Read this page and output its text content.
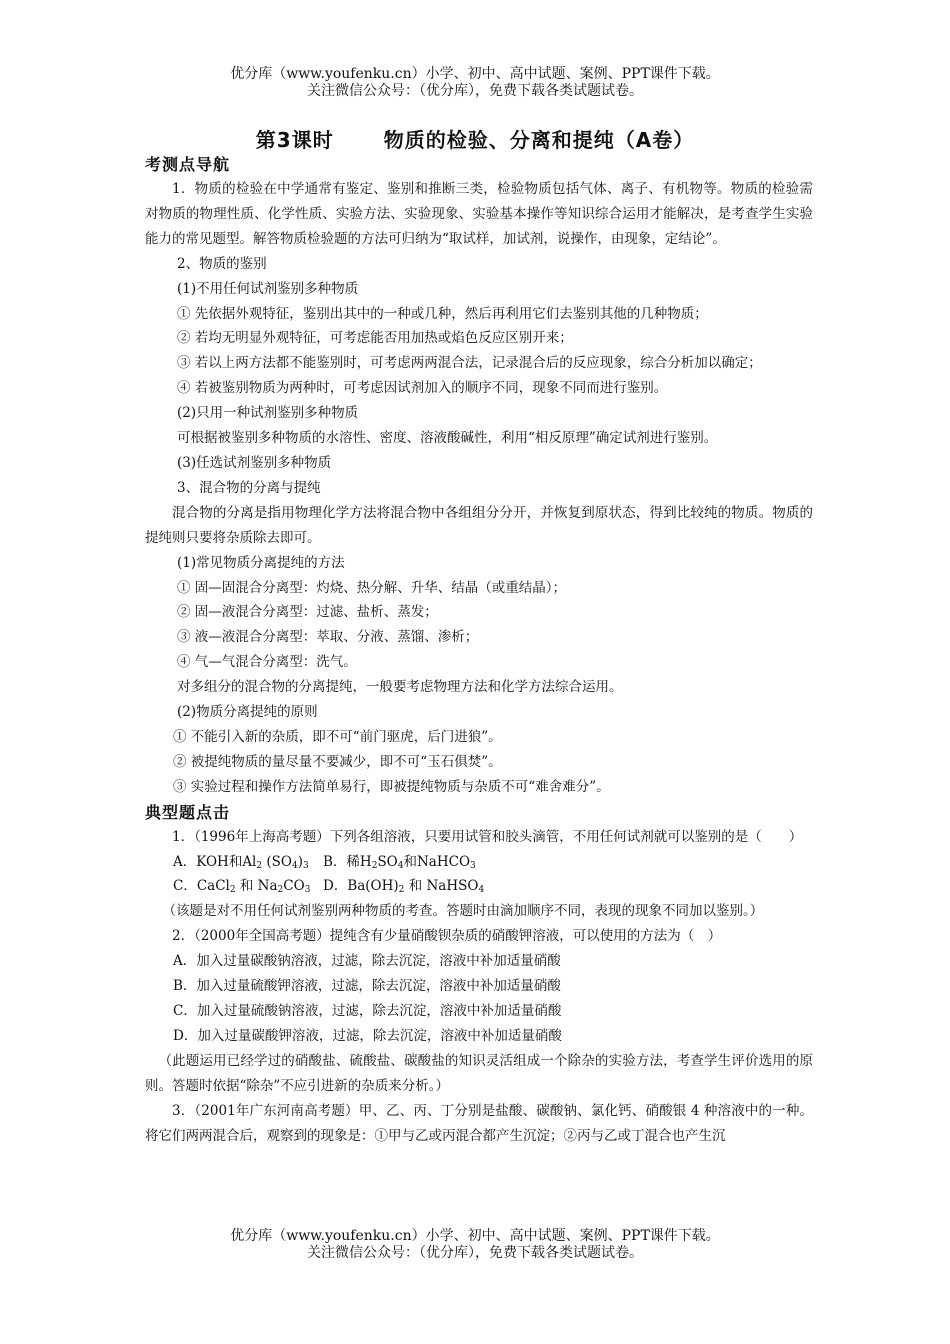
优分库（www.youfenku.cn）小学、初中、高中试题、案例、PPT课件下载。
关注微信公众号：（优分库），免费下载各类试题试卷。
第3课时	物质的检验、分离和提纯（A卷）
考测点导航
1．物质的检验在中学通常有鉴定、鉴别和推断三类，检验物质包括气体、离子、有机物等。物质的检验需对物质的物理性质、化学性质、实验方法、实验现象、实验基本操作等知识综合运用才能解决，是考查学生实验能力的常见题型。解答物质检验题的方法可归纳为“取试样，加试剂，说操作，由现象，定结论”。
2、物质的鉴别
(1)不用任何试剂鉴别多种物质
① 先依据外观特征，鉴别出其中的一种或几种，然后再利用它们去鉴别其他的几种物质；
② 若均无明显外观特征，可考虑能否用加热或焰色反应区别开来；
③ 若以上两方法都不能鉴别时，可考虑两两混合法，记录混合后的反应现象，综合分析加以确定；
④ 若被鉴别物质为两种时，可考虑因试剂加入的顺序不同，现象不同而进行鉴别。
(2)只用一种试剂鉴别多种物质
可根据被鉴别多种物质的水溶性、密度、溶液酸碱性，利用“相反原理”确定试剂进行鉴别。
(3)任选试剂鉴别多种物质
3、混合物的分离与提纯
混合物的分离是指用物理化学方法将混合物中各组组分分开，并恢复到原状态，得到比较纯的物质。物质的提纯则只要将杂质除去即可。
(1)常见物质分离提纯的方法
① 固—固混合分离型：灼烧、热分解、升华、结晶（或重结晶）；
② 固—液混合分离型：过滤、盐析、蒸发；
③ 液—液混合分离型：萃取、分液、蒸馏、渗析；
④ 气—气混合分离型：洗气。
对多组分的混合物的分离提纯，一般要考虑物理方法和化学方法综合运用。
(2)物质分离提纯的原则
① 不能引入新的杂质，即不可“前门驱虎，后门进狼”。
② 被提纯物质的量尽量不要减少，即不可“玉石俱焚”。
③ 实验过程和操作方法简单易行，即被提纯物质与杂质不可“难舍难分”。
典型题点击
1．（1996年上海高考题）下列各组溶液，只要用试管和胶头滴管，不用任何试剂就可以鉴别的是（　　）
A．KOH和$Al_2$ $(SO_4)_3$ B．稀$H_2SO_4$和NaHCO$_3$
C．CaCl$_2$ 和 $Na_2CO_3$ D．$Ba(OH)_2$ 和 NaHSO$_4$
（该题是对不用任何试剂鉴别两种物质的考查。答题时由滴加顺序不同，表现的现象不同加以鉴别。）
2．（2000年全国高考题）提纯含有少量硝酸钡杂质的硝酸钾溶液，可以使用的方法为（　）
A．加入过量碳酸钠溶液，过滤，除去沉淀，溶液中补加适量硝酸
B．加入过量硫酸钾溶液，过滤，除去沉淀，溶液中补加适量硝酸
C．加入过量硫酸钠溶液，过滤，除去沉淀，溶液中补加适量硝酸
D．加入过量碳酸钾溶液，过滤，除去沉淀，溶液中补加适量硝酸
（此题运用已经学过的硝酸盐、硫酸盐、碳酸盐的知识灵活组成一个除杂的实验方法，考查学生评价选用的原则。答题时依据“除杂”不应引进新的杂质来分析。）
3．（2001年广东河南高考题）甲、乙、丙、丁分别是盐酸、碳酸钠、氯化钙、硝酸银 4 种溶液中的一种。将它们两两混合后，观察到的现象是：①甲与乙或丙混合都产生沉淀；②丙与乙或丁混合也产生沉
优分库（www.youfenku.cn）小学、初中、高中试题、案例、PPT课件下载。
关注微信公众号：（优分库），免费下载各类试题试卷。
